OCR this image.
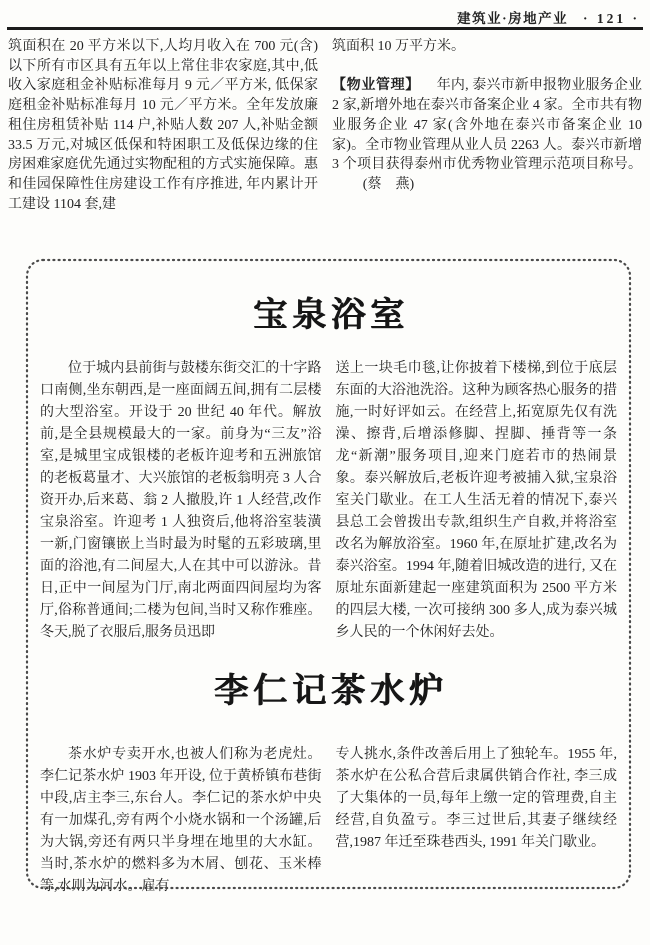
建筑业·房地产业 · 121 ·
筑面积在 20 平方米以下,人均月收入在 700 元(含)以下所有市区具有五年以上常住非农家庭,其中,低收入家庭租金补贴标准每月 9 元／平方米, 低保家庭租金补贴标准每月 10 元／平方米。全年发放廉租住房租赁补贴 114 户,补贴人数 207 人,补贴金额 33.5 万元,对城区低保和特困职工及低保边缘的住房困难家庭优先通过实物配租的方式实施保障。惠和佳园保障性住房建设工作有序推进, 年内累计开工建设 1104 套,建
筑面积 10 万平方米。
【物业管理】 年内, 泰兴市新申报物业服务企业 2 家,新增外地在泰兴市备案企业 4 家。全市共有物业服务企业 47 家(含外地在泰兴市备案企业 10 家)。全市物业管理从业人员 2263 人。泰兴市新增 3 个项目获得泰州市优秀物业管理示范项目称号。(蔡　燕)
宝泉浴室
位于城内县前街与鼓楼东街交汇的十字路口南侧,坐东朝西,是一座面阔五间,拥有二层楼的大型浴室。开设于 20 世纪 40 年代。解放前,是全县规模最大的一家。前身为“三友”浴室,是城里宝成银楼的老板许迎考和五洲旅馆的老板葛量才、大兴旅馆的老板翁明亮 3 人合资开办,后来葛、翁 2 人撤股,许 1 人经营,改作宝泉浴室。许迎考 1 人独资后,他将浴室装潢一新,门窗镶嵌上当时最为时髦的五彩玻璃,里面的浴池,有二间屋大,人在其中可以游泳。昔日,正中一间屋为门厅,南北两面四间屋均为客厅,俗称普通间;二楼为包间,当时又称作雅座。冬天,脱了衣服后,服务员迅即
送上一块毛巾毯,让你披着下楼梯,到位于底层东面的大浴池洗浴。这种为顾客热心服务的措施,一时好评如云。在经营上,拓宽原先仅有洗澡、擦背,后增添修脚、捏脚、捶背等一条龙“新潮”服务项目,迎来门庭若市的热闹景象。泰兴解放后,老板许迎考被捕入狱,宝泉浴室关门歇业。在工人生活无着的情况下,泰兴县总工会曾拨出专款,组织生产自救,并将浴室改名为解放浴室。1960 年,在原址扩建,改名为泰兴浴室。1994 年,随着旧城改造的进行, 又在原址东面新建起一座建筑面积为 2500 平方米的四层大楼, 一次可接纳 300 多人,成为泰兴城乡人民的一个休闲好去处。
李仁记茶水炉
茶水炉专卖开水,也被人们称为老虎灶。李仁记茶水炉 1903 年开设, 位于黄桥镇布巷街中段,店主李三,东台人。李仁记的茶水炉中央有一加煤孔,旁有两个小烧水锅和一个汤罐,后为大锅,旁还有两只半身埋在地里的大水缸。当时,茶水炉的燃料多为木屑、刨花、玉米棒等,水则为河水。雇有
专人挑水,条件改善后用上了独轮车。1955 年,茶水炉在公私合营后隶属供销合作社, 李三成了大集体的一员,每年上缴一定的管理费,自主经营,自负盈亏。李三过世后,其妻子继续经营,1987 年迁至珠巷西头, 1991 年关门歇业。
